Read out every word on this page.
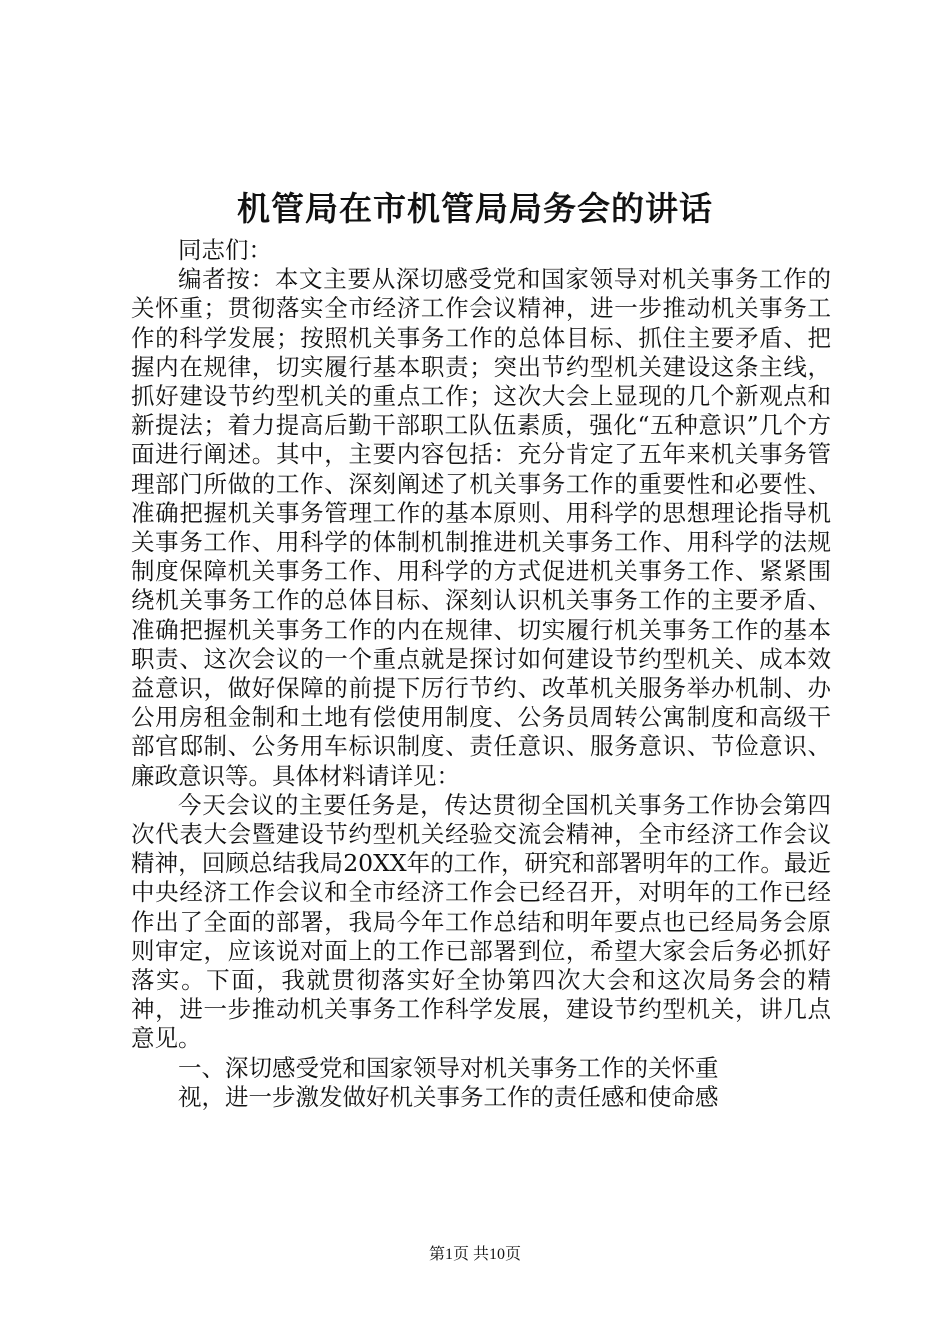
机管局在市机管局局务会的讲话

同志们：

编者按：本文主要从深切感受党和国家领导对机关事务工作的关怀重；贯彻落实全市经济工作会议精神，进一步推动机关事务工作的科学发展；按照机关事务工作的总体目标、抓住主要矛盾、把握内在规律，切实履行基本职责；突出节约型机关建设这条主线，抓好建设节约型机关的重点工作；这次大会上显现的几个新观点和新提法；着力提高后勤干部职工队伍素质，强化“五种意识”几个方面进行阐述。其中，主要内容包括：充分肯定了五年来机关事务管理部门所做的工作、深刻阐述了机关事务工作的重要性和必要性、准确把握机关事务管理工作的基本原则、用科学的思想理论指导机关事务工作、用科学的体制机制推进机关事务工作、用科学的法规制度保障机关事务工作、用科学的方式促进机关事务工作、紧紧围绕机关事务工作的总体目标、深刻认识机关事务工作的主要矛盾、准确把握机关事务工作的内在规律、切实履行机关事务工作的基本职责、这次会议的一个重点就是探讨如何建设节约型机关、成本效益意识，做好保障的前提下厉行节约、改革机关服务举办机制、办公用房租金制和土地有偿使用制度、公务员周转公寓制度和高级干部官邸制、公务用车标识制度、责任意识、服务意识、节俭意识、廉政意识等。具体材料请详见：

今天会议的主要任务是，传达贯彻全国机关事务工作协会第四次代表大会暨建设节约型机关经验交流会精神，全市经济工作会议精神，回顾总结我局20XX年的工作，研究和部署明年的工作。最近中央经济工作会议和全市经济工作会已经召开，对明年的工作已经作出了全面的部署，我局今年工作总结和明年要点也已经局务会原则审定，应该说对面上的工作已部署到位，希望大家会后务必抓好落实。下面，我就贯彻落实好全协第四次大会和这次局务会的精神，进一步推动机关事务工作科学发展，建设节约型机关，讲几点意见。

一、深切感受党和国家领导对机关事务工作的关怀重

视，进一步激发做好机关事务工作的责任感和使命感

第1页 共10页
